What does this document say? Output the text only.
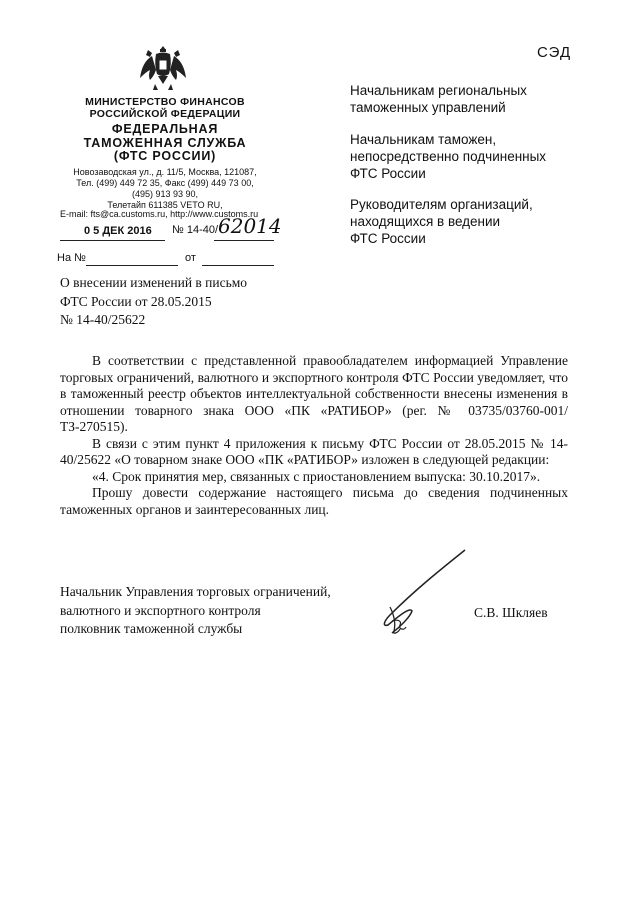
СЭД
МИНИСТЕРСТВО ФИНАНСОВ
РОССИЙСКОЙ ФЕДЕРАЦИИ
ФЕДЕРАЛЬНАЯ
ТАМОЖЕННАЯ СЛУЖБА
(ФТС РОССИИ)
Новозаводская ул., д. 11/5, Москва, 121087,
Тел. (499) 449 72 35, Факс (499) 449 73 00,
(495) 913 93 90,
Телетайп 611385 VETO RU,
E-mail: fts@ca.customs.ru, http://www.customs.ru
0 5 ДЕК 2016 № 14-40/ 62014
На №	от
Начальникам региональных
таможенных управлений
Начальникам таможен,
непосредственно подчиненных
ФТС России
Руководителям организаций,
находящихся в ведении
ФТС России
О внесении изменений в письмо
ФТС России от 28.05.2015
№ 14-40/25622

В соответствии с представленной правообладателем информацией Управление торговых ограничений, валютного и экспортного контроля ФТС России уведомляет, что в таможенный реестр объектов интеллектуальной собственности внесены изменения в отношении товарного знака ООО «ПК «РАТИБОР» (рег. № 03735/03760-001/ТЗ-270515).

В связи с этим пункт 4 приложения к письму ФТС России от 28.05.2015 № 14-40/25622 «О товарном знаке ООО «ПК «РАТИБОР» изложен в следующей редакции:

«4. Срок принятия мер, связанных с приостановлением выпуска: 30.10.2017».

Прошу довести содержание настоящего письма до сведения подчиненных таможенных органов и заинтересованных лиц.

Начальник Управления торговых ограничений,
валютного и экспортного контроля
полковник таможенной службы
С.В. Шкляев
